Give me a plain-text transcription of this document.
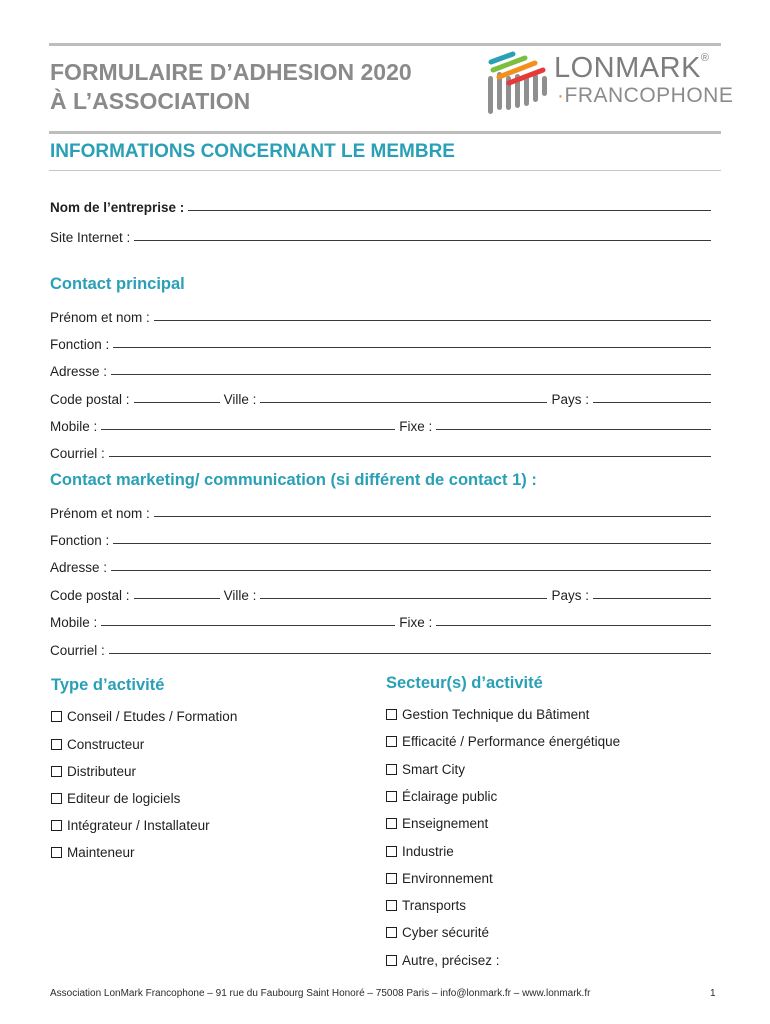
FORMULAIRE D’ADHESION 2020
À L’ASSOCIATION
LONMARK®
·FRANCOPHONE
INFORMATIONS CONCERNANT LE MEMBRE
Nom de l’entreprise :
Site Internet :
Contact principal
Prénom et nom :
Fonction :
Adresse :
Code postal :	Ville :	Pays :
Mobile :	Fixe :
Courriel :
Contact marketing/ communication (si différent de contact 1) :
Prénom et nom :
Fonction :
Adresse :
Code postal :	Ville :	Pays :
Mobile :	Fixe :
Courriel :
Type d’activité
Conseil / Etudes / Formation
Constructeur
Distributeur
Editeur de logiciels
Intégrateur / Installateur
Mainteneur
Secteur(s) d’activité
Gestion Technique du Bâtiment
Efficacité / Performance énergétique
Smart City
Éclairage public
Enseignement
Industrie
Environnement
Transports
Cyber sécurité
Autre, précisez :
Association LonMark Francophone – 91 rue du Faubourg Saint Honoré – 75008 Paris – info@lonmark.fr – www.lonmark.fr	1
